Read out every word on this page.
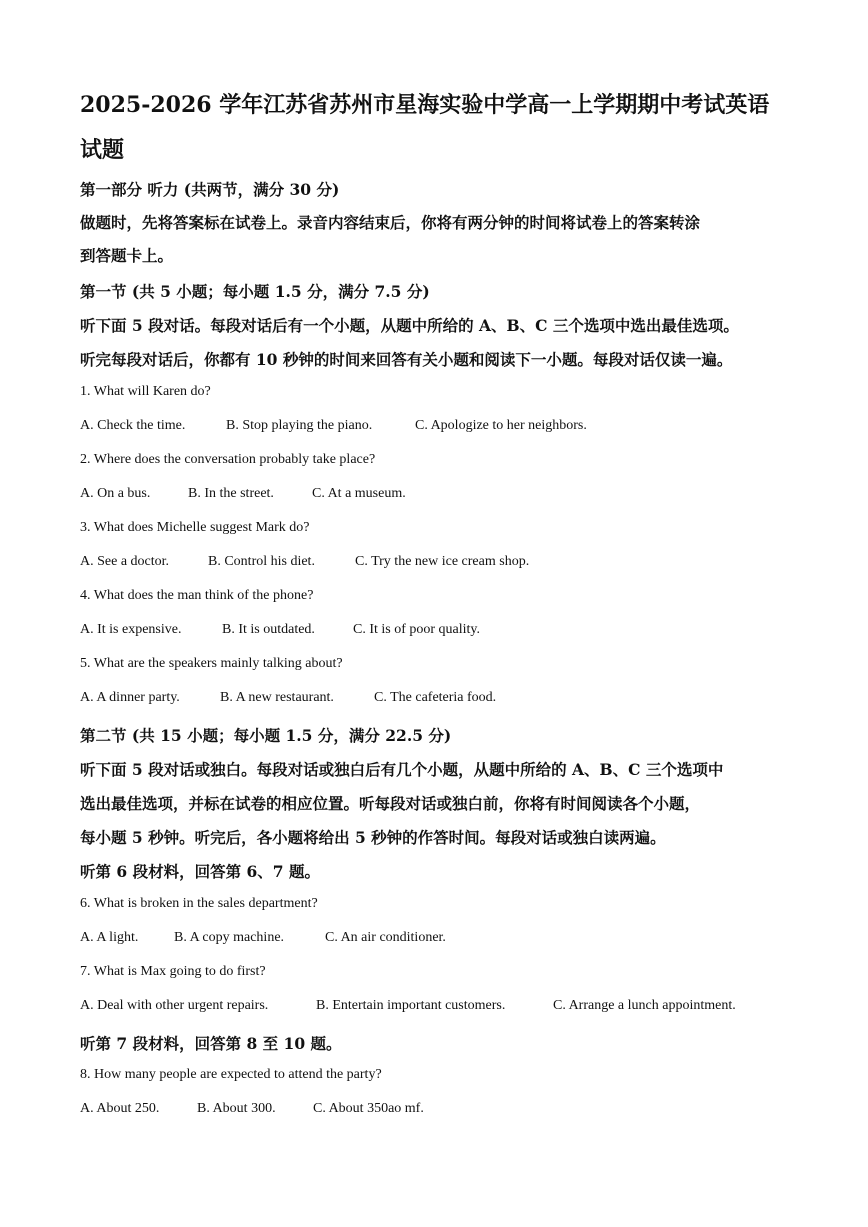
2025-2026 学年江苏省苏州市星海实验中学高一上学期期中考试英语
试题
第一部分 听力 (共两节，满分 30 分)
做题时，先将答案标在试卷上。录音内容结束后，你将有两分钟的时间将试卷上的答案转涂
到答题卡上。
第一节 (共 5 小题；每小题 1.5 分，满分 7.5 分)
听下面 5 段对话。每段对话后有一个小题，从题中所给的 A、B、C 三个选项中选出最佳选项。
听完每段对话后，你都有 10 秒钟的时间来回答有关小题和阅读下一小题。每段对话仅读一遍。
1. What will Karen do?
A. Check the time.	B. Stop playing the piano.	C. Apologize to her neighbors.
2. Where does the conversation probably take place?
A. On a bus.	B. In the street.	C. At a museum.
3. What does Michelle suggest Mark do?
A. See a doctor.	B. Control his diet.	C. Try the new ice cream shop.
4. What does the man think of the phone?
A. It is expensive.	B. It is outdated.	C. It is of poor quality.
5. What are the speakers mainly talking about?
A. A dinner party.	B. A new restaurant.	C. The cafeteria food.
第二节 (共 15 小题；每小题 1.5 分，满分 22.5 分)
听下面 5 段对话或独白。每段对话或独白后有几个小题，从题中所给的 A、B、C 三个选项中
选出最佳选项，并标在试卷的相应位置。听每段对话或独白前，你将有时间阅读各个小题，
每小题 5 秒钟。听完后，各小题将给出 5 秒钟的作答时间。每段对话或独白读两遍。
听第 6 段材料，回答第 6、7 题。
6. What is broken in the sales department?
A. A light.	B. A copy machine.	C. An air conditioner.
7. What is Max going to do first?
A. Deal with other urgent repairs.	B. Entertain important customers.	C. Arrange a lunch appointment.
听第 7 段材料，回答第 8 至 10 题。
8. How many people are expected to attend the party?
A. About 250.	B. About 300.	C. About 350ao mf.
